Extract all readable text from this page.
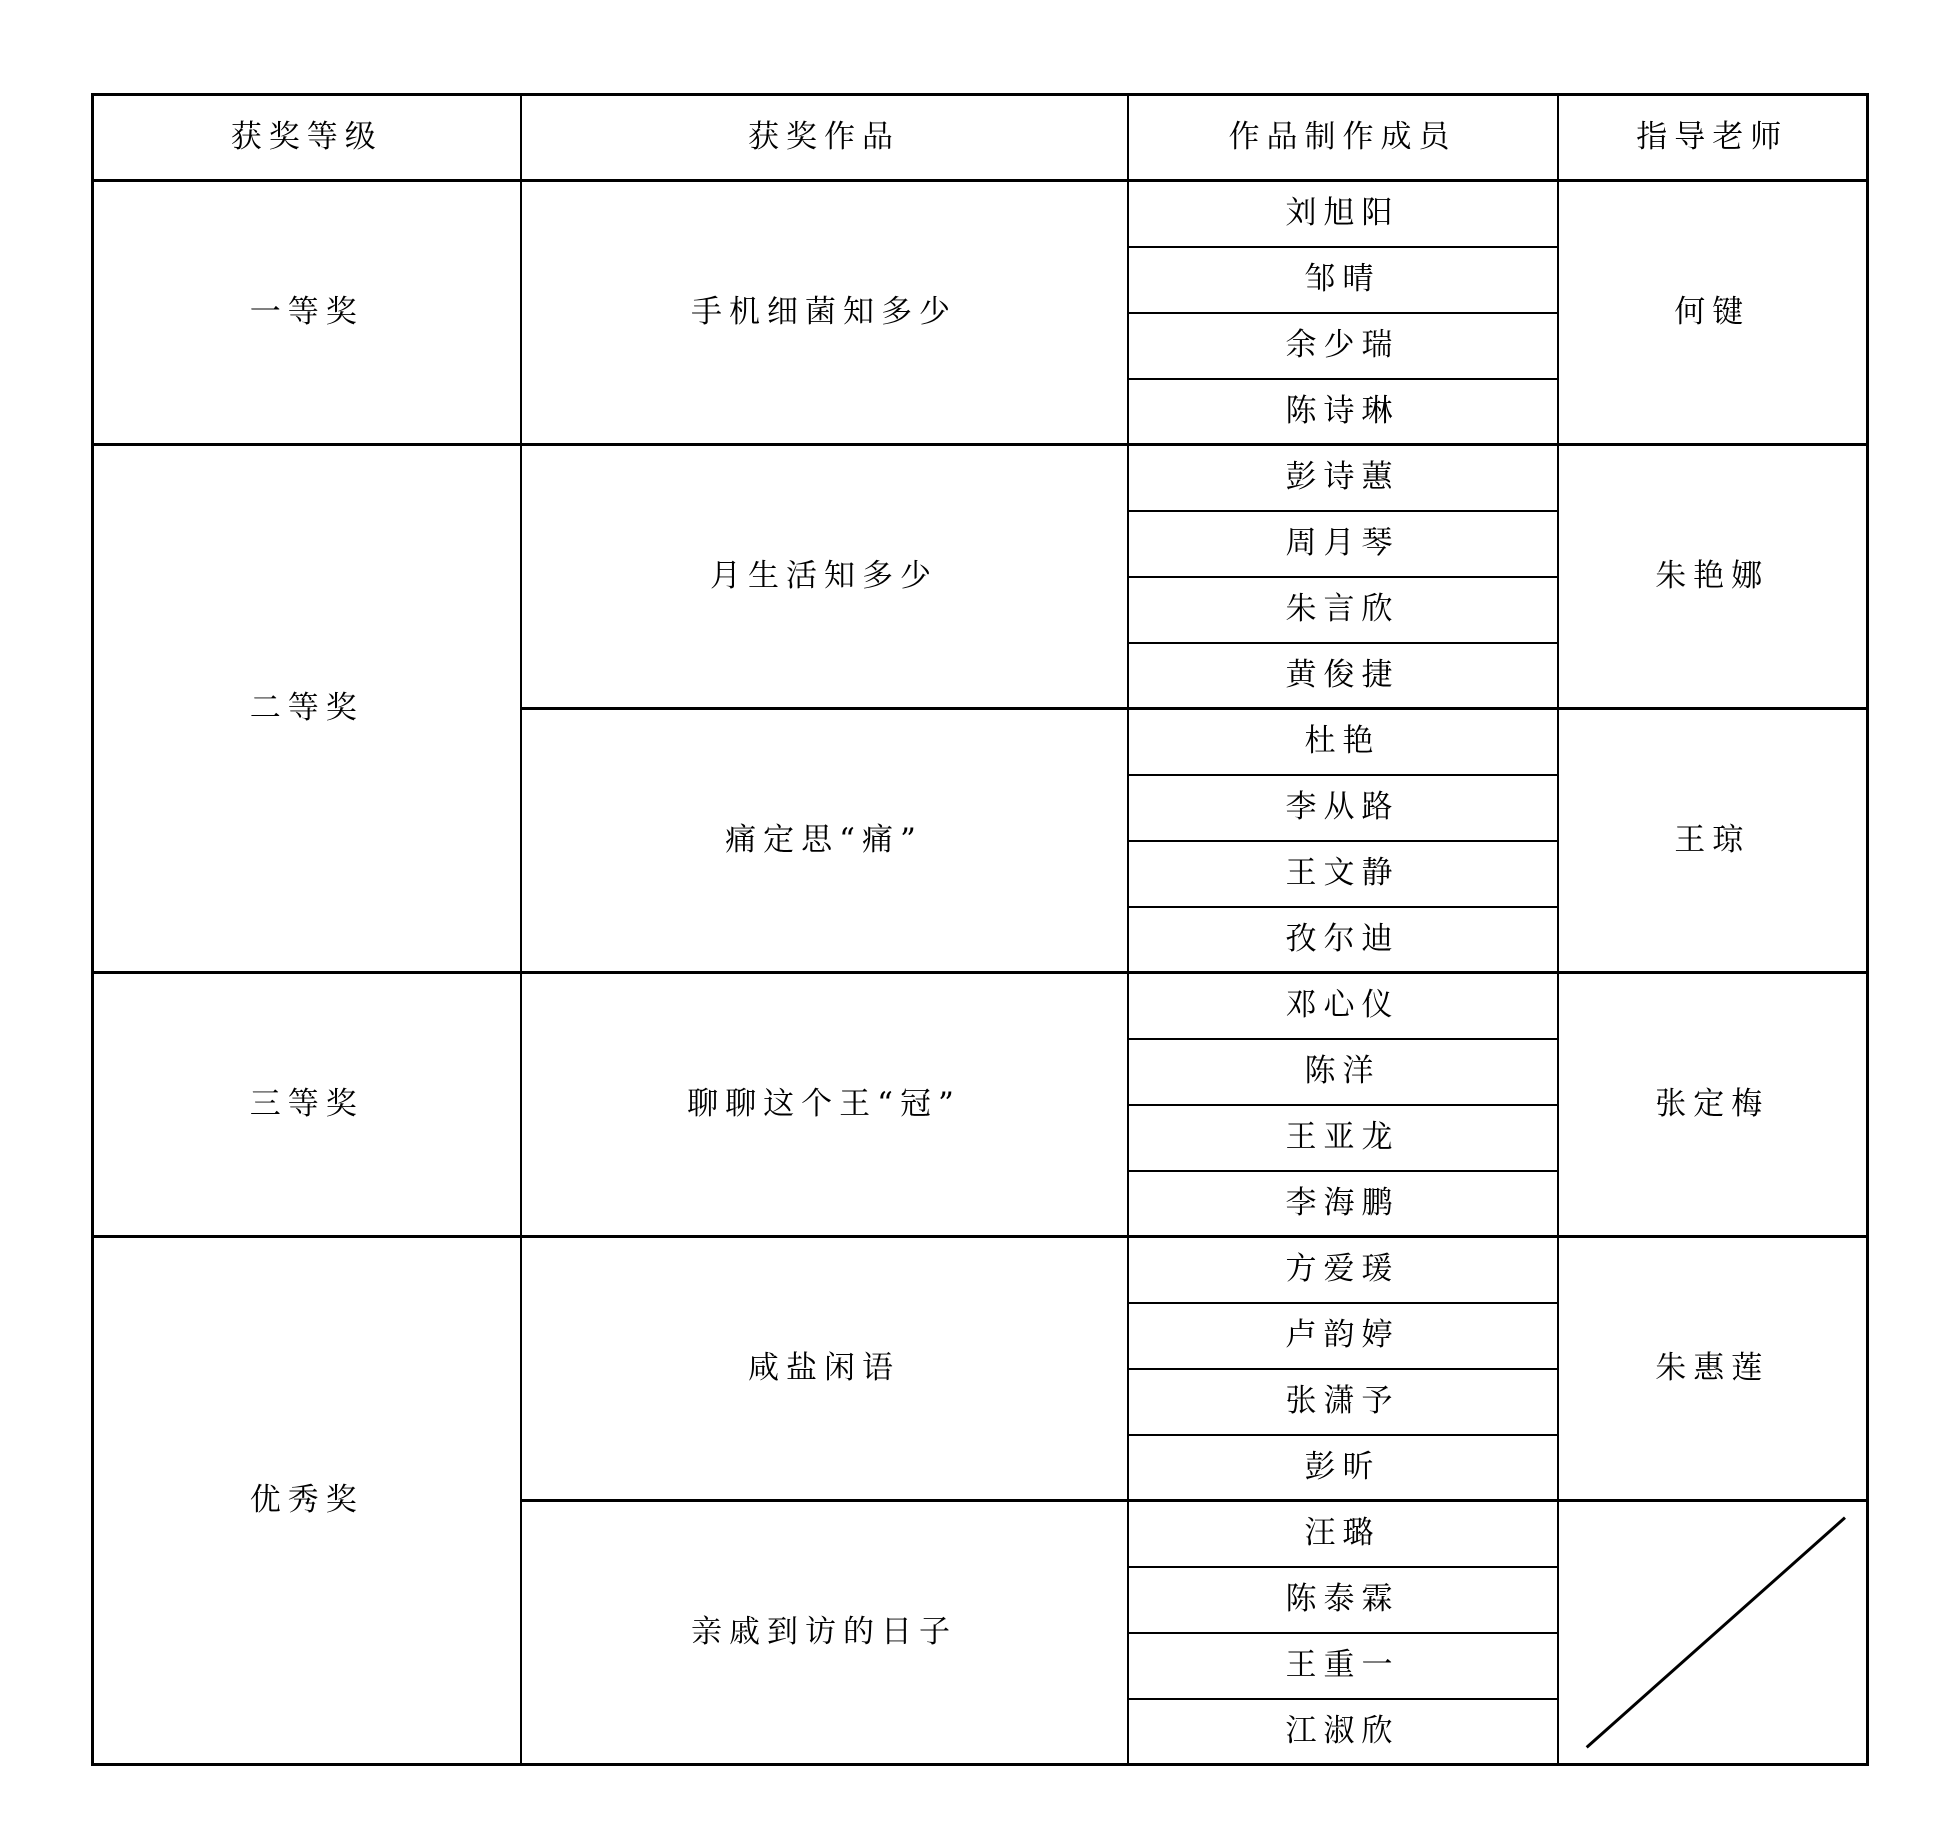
获奖等级	获奖作品	作品制作成员	指导老师
一等奖	手机细菌知多少	刘旭阳	何键
		邹晴	
		余少瑞	
		陈诗琳	
二等奖	月生活知多少	彭诗蕙	朱艳娜
		周月琴	
		朱言欣	
		黄俊捷	
	痛定思“痛”	杜艳	王琼
		李从路	
		王文静	
		孜尔迪	
三等奖	聊聊这个王“冠”	邓心仪	张定梅
		陈洋	
		王亚龙	
		李海鹏	
优秀奖	咸盐闲语	方爱瑗	朱惠莲
		卢韵婷	
		张潇予	
		彭昕	
	亲戚到访的日子	汪璐	

		陈泰霖	
		王重一	
		江淑欣	
